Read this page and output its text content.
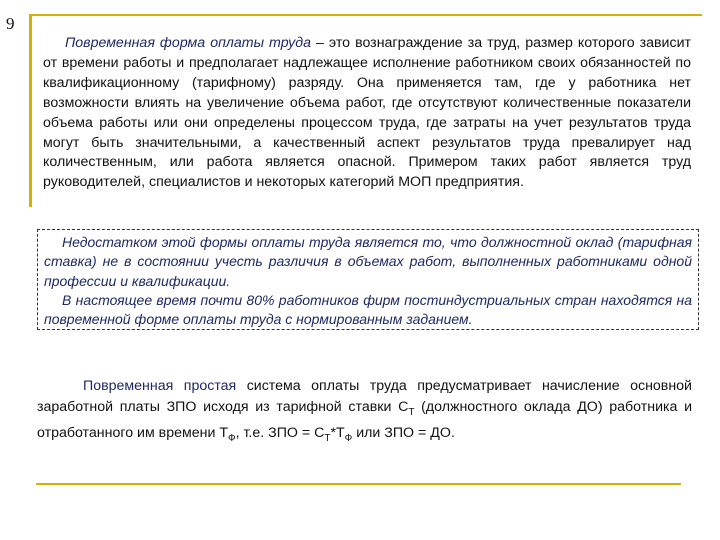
9
Повременная форма оплаты труда – это вознаграждение за труд, размер которого зависит от времени работы и предполагает надлежащее исполнение работником своих обязанностей по квалификационному (тарифному) разряду. Она применяется там, где у работника нет возможности влиять на увеличение объема работ, где отсутствуют количественные показатели объема работы или они определены процессом труда, где затраты на учет результатов труда могут быть значительными, а качественный аспект результатов труда превалирует над количественным, или работа является опасной. Примером таких работ является труд руководителей, специалистов и некоторых категорий МОП предприятия.

Недостатком этой формы оплаты труда является то, что должностной оклад (тарифная ставка) не в состоянии учесть различия в объемах работ, выполненных работниками одной профессии и квалификации.

В настоящее время почти 80% работников фирм постиндустриальных стран находятся на повременной форме оплаты труда с нормированным заданием.

Повременная простая система оплаты труда предусматривает начисление основной заработной платы ЗПО исходя из тарифной ставки $С_Т$ (должностного оклада ДО) работника и отработанного им времени $Т_Ф$, т.е. ЗПО = $С_Т*Т_Ф$ или ЗПО = ДО.
